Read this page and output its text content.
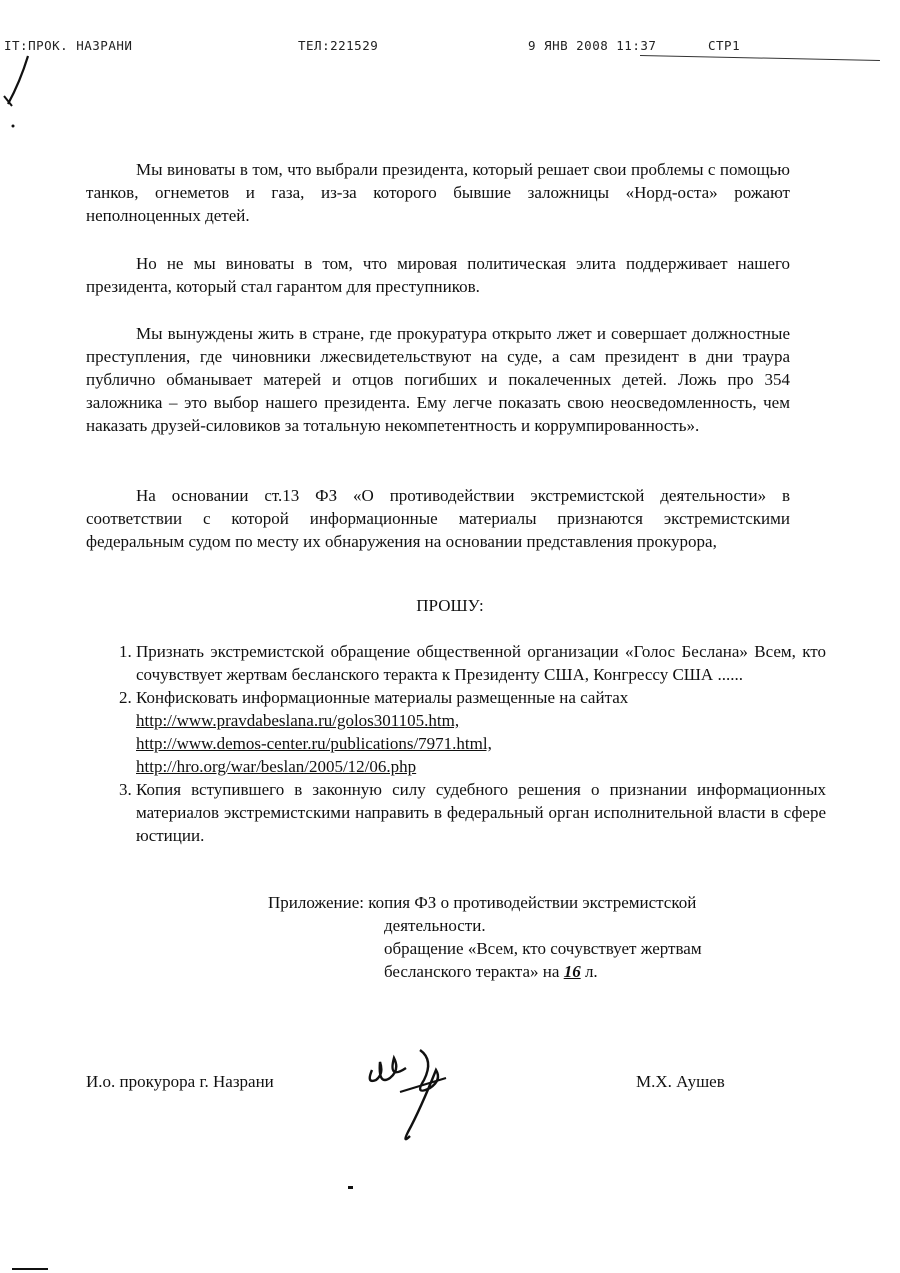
IT:ПРОК. НАЗРАНИ	ТЕЛ:221529	9 ЯНВ 2008 11:37	СТР1

Мы виноваты в том, что выбрали президента, который решает свои проблемы с помощью танков, огнеметов и газа, из-за которого бывшие заложницы «Норд-оста» рожают неполноценных детей.

Но не мы виноваты в том, что мировая политическая элита поддерживает нашего президента, который стал гарантом для преступников.

Мы вынуждены жить в стране, где прокуратура открыто лжет и совершает должностные преступления, где чиновники лжесвидетельствуют на суде, а сам президент в дни траура публично обманывает матерей и отцов погибших и покалеченных детей. Ложь про 354 заложника – это выбор нашего президента. Ему легче показать свою неосведомленность, чем наказать друзей-силовиков за тотальную некомпетентность и коррумпированность».

На основании ст.13 ФЗ «О противодействии экстремистской деятельности» в соответствии с которой информационные материалы признаются экстремистскими федеральным судом по месту их обнаружения на основании представления прокурора,

ПРОШУ:
1. Признать экстремистской обращение общественной организации «Голос Беслана» Всем, кто сочувствует жертвам бесланского теракта к Президенту США, Конгрессу США ......
2. Конфисковать информационные материалы размещенные на сайтах
http://www.pravdabeslana.ru/golos301105.htm,
http://www.demos-center.ru/publications/7971.html,
http://hro.org/war/beslan/2005/12/06.php
3. Копия вступившего в законную силу судебного решения о признании информационных материалов экстремистскими направить в федеральный орган исполнительной власти в сфере юстиции.
Приложение: копия ФЗ о противодействии экстремистской
деятельности.
обращение «Всем, кто сочувствует жертвам
бесланского теракта» на 16 л.
И.о. прокурора г. Назрани	М.Х. Аушев
